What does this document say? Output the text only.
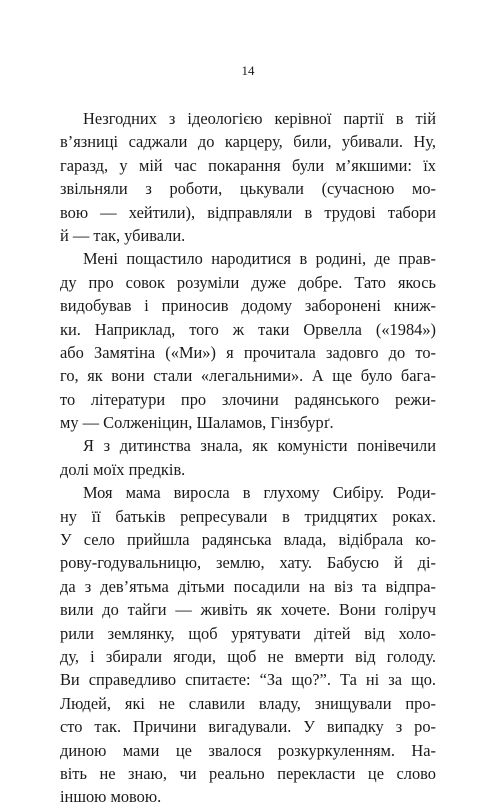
14
Незгодних з ідеологією керівної партії в тій
в’язниці саджали до карцеру, били, убивали. Ну,
гаразд, у мій час покарання були м’якшими: їх
звільняли з роботи, цькували (сучасною мо-
вою — хейтили), відправляли в трудові табори
й — так, убивали.
Мені пощастило народитися в родині, де прав-
ду про совок розуміли дуже добре. Тато якось
видобував і приносив додому заборонені книж-
ки. Наприклад, того ж таки Орвелла («1984»)
або Замятіна («Ми») я прочитала задовго до то-
го, як вони стали «легальними». А ще було бага-
то літератури про злочини радянського режи-
му — Солженіцин, Шаламов, Гінзбурґ.
Я з дитинства знала, як комуністи понівечили
долі моїх предків.
Моя мама виросла в глухому Сибіру. Роди-
ну її батьків репресували в тридцятих роках.
У село прийшла радянська влада, відібрала ко-
рову-годувальницю, землю, хату. Бабусю й ді-
да з дев’ятьма дітьми посадили на віз та відпра-
вили до тайги — живіть як хочете. Вони голіруч
рили землянку, щоб урятувати дітей від холо-
ду, і збирали ягоди, щоб не вмерти від голоду.
Ви справедливо спитаєте: “За що?”. Та ні за що.
Людей, які не славили владу, знищували про-
сто так. Причини вигадували. У випадку з ро-
диною мами це звалося розкуркуленням. На-
віть не знаю, чи реально перекласти це слово
іншою мовою.
